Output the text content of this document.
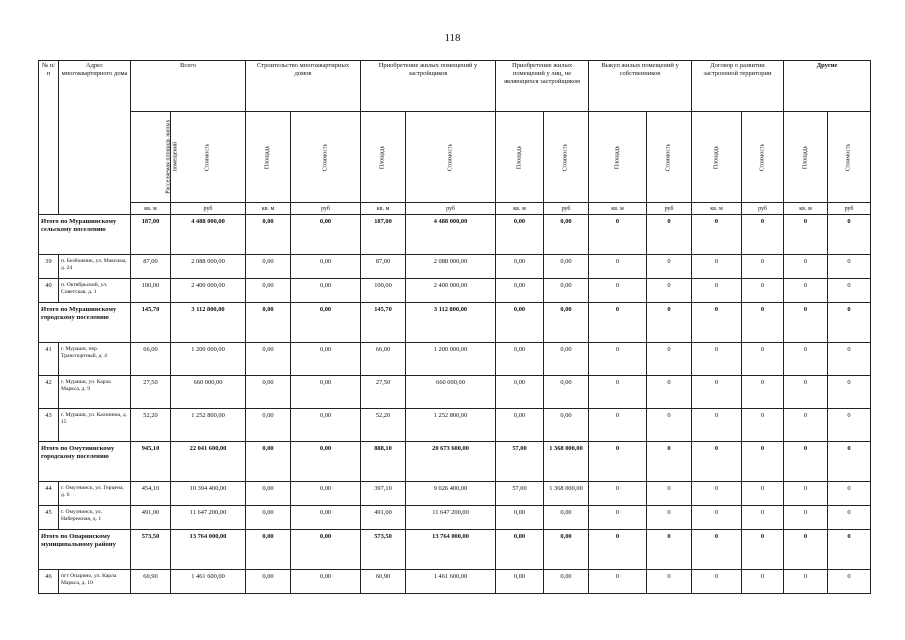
118
№ п/п	Адрес многоквартирного дома	Всего		Строительство многоквартирных домов		Приобретение жилых помещений у застройщиков		Приобретение жилых помещений у лиц, не являющихся застройщиком		Выкуп жилых помещений у собственников		Договор о развитии застроенной территории		Другие	
		Расселяемая площадь жилых помещений	Стоимость	Площадь	Стоимость	Площадь	Стоимость	Площадь	Стоимость	Площадь	Стоимость	Площадь	Стоимость	Площадь	Стоимость
		кв. м	руб	кв. м	руб	кв. м	руб	кв. м	руб	кв. м	руб	кв. м	руб	кв. м	руб
Итого по Мурашинскому сельскому поселению		187,00	4 488 000,00	0,00	0,00	187,00	4 488 000,00	0,00	0,00	0	0	0	0	0	0
39	п. Безбожник, ул. Максима, д. 24	87,00	2 088 000,00	0,00	0,00	87,00	2 088 000,00	0,00	0,00	0	0	0	0	0	0
40	п. Октябрьский, ул. Советская, д. 1	100,00	2 400 000,00	0,00	0,00	100,00	2 400 000,00	0,00	0,00	0	0	0	0	0	0
Итого по Мурашинскому городскому поселению		145,70	3 112 800,00	0,00	0,00	145,70	3 112 800,00	0,00	0,00	0	0	0	0	0	0
41	г. Мураши, пер. Транспортный, д. 4	66,00	1 200 000,00	0,00	0,00	66,00	1 200 000,00	0,00	0,00	0	0	0	0	0	0
42	г. Мураши, ул. Карла Маркса, д. 9	27,50	660 000,00	0,00	0,00	27,50	660 000,00	0,00	0,00	0	0	0	0	0	0
43	г. Мураши, ул. Калинина, д. 15	52,20	1 252 800,00	0,00	0,00	52,20	1 252 800,00	0,00	0,00	0	0	0	0	0	0
Итого по Омутнинскому городскому поселению		945,10	22 041 600,00	0,00	0,00	888,10	20 673 600,00	57,00	1 368 000,00	0	0	0	0	0	0
44	г. Омутнинск, ул. Герцена, д. 6	454,10	10 394 400,00	0,00	0,00	397,10	9 026 400,00	57,00	1 368 000,00	0	0	0	0	0	0
45	г. Омутнинск, ул. Набережная, д. 1	491,00	11 647 200,00	0,00	0,00	491,00	11 647 200,00	0,00	0,00	0	0	0	0	0	0
Итого по Опаринскому муниципальному району		573,50	13 764 000,00	0,00	0,00	573,50	13 764 000,00	0,00	0,00	0	0	0	0	0	0
46	пгт Опарино, ул. Карла Маркса, д. 10	60,90	1 461 600,00	0,00	0,00	60,90	1 461 600,00	0,00	0,00	0	0	0	0	0	0
